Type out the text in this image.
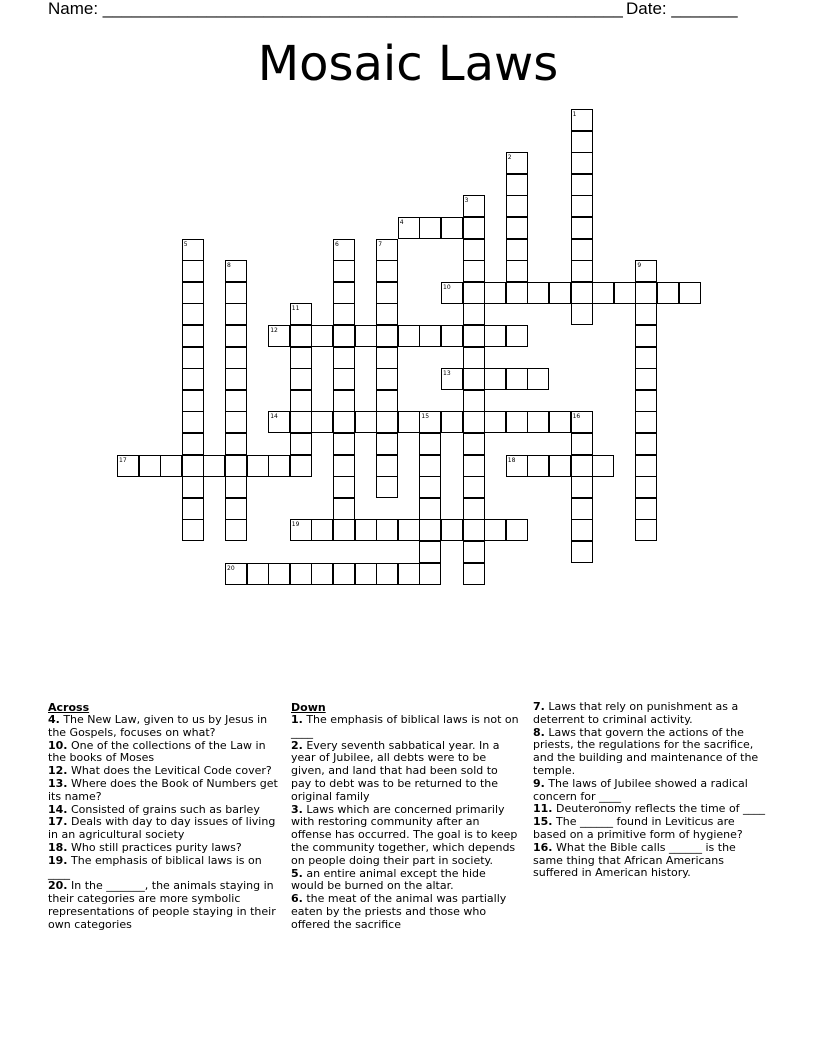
Name: _______________________________________________________ Date: _______
Mosaic Laws
1
2
3
4
5	6	7
8	9
10
11
12
13
14	15	16
17	18
19
20
Across

4. The New Law, given to us by Jesus in the Gospels, focuses on what?

10. One of the collections of the Law in the books of Moses

12. What does the Levitical Code cover?

13. Where does the Book of Numbers get its name?

14. Consisted of grains such as barley

17. Deals with day to day issues of living in an agricultural society

18. Who still practices purity laws?

19. The emphasis of biblical laws is on ____

20. In the _______, the animals staying in their categories are more symbolic representations of people staying in their own categories

Down

1. The emphasis of biblical laws is not on ____

2. Every seventh sabbatical year. In a year of Jubilee, all debts were to be given, and land that had been sold to pay to debt was to be returned to the original family

3. Laws which are concerned primarily with restoring community after an offense has occurred. The goal is to keep the community together, which depends on people doing their part in society.

5. an entire animal except the hide would be burned on the altar.

6. the meat of the animal was partially eaten by the priests and those who offered the sacrifice

7. Laws that rely on punishment as a deterrent to criminal activity.

8. Laws that govern the actions of the priests, the regulations for the sacrifice, and the building and maintenance of the temple.

9. The laws of Jubilee showed a radical concern for ____

11. Deuteronomy reflects the time of ____

15. The ______ found in Leviticus are based on a primitive form of hygiene?

16. What the Bible calls ______ is the same thing that African Americans suffered in American history.
